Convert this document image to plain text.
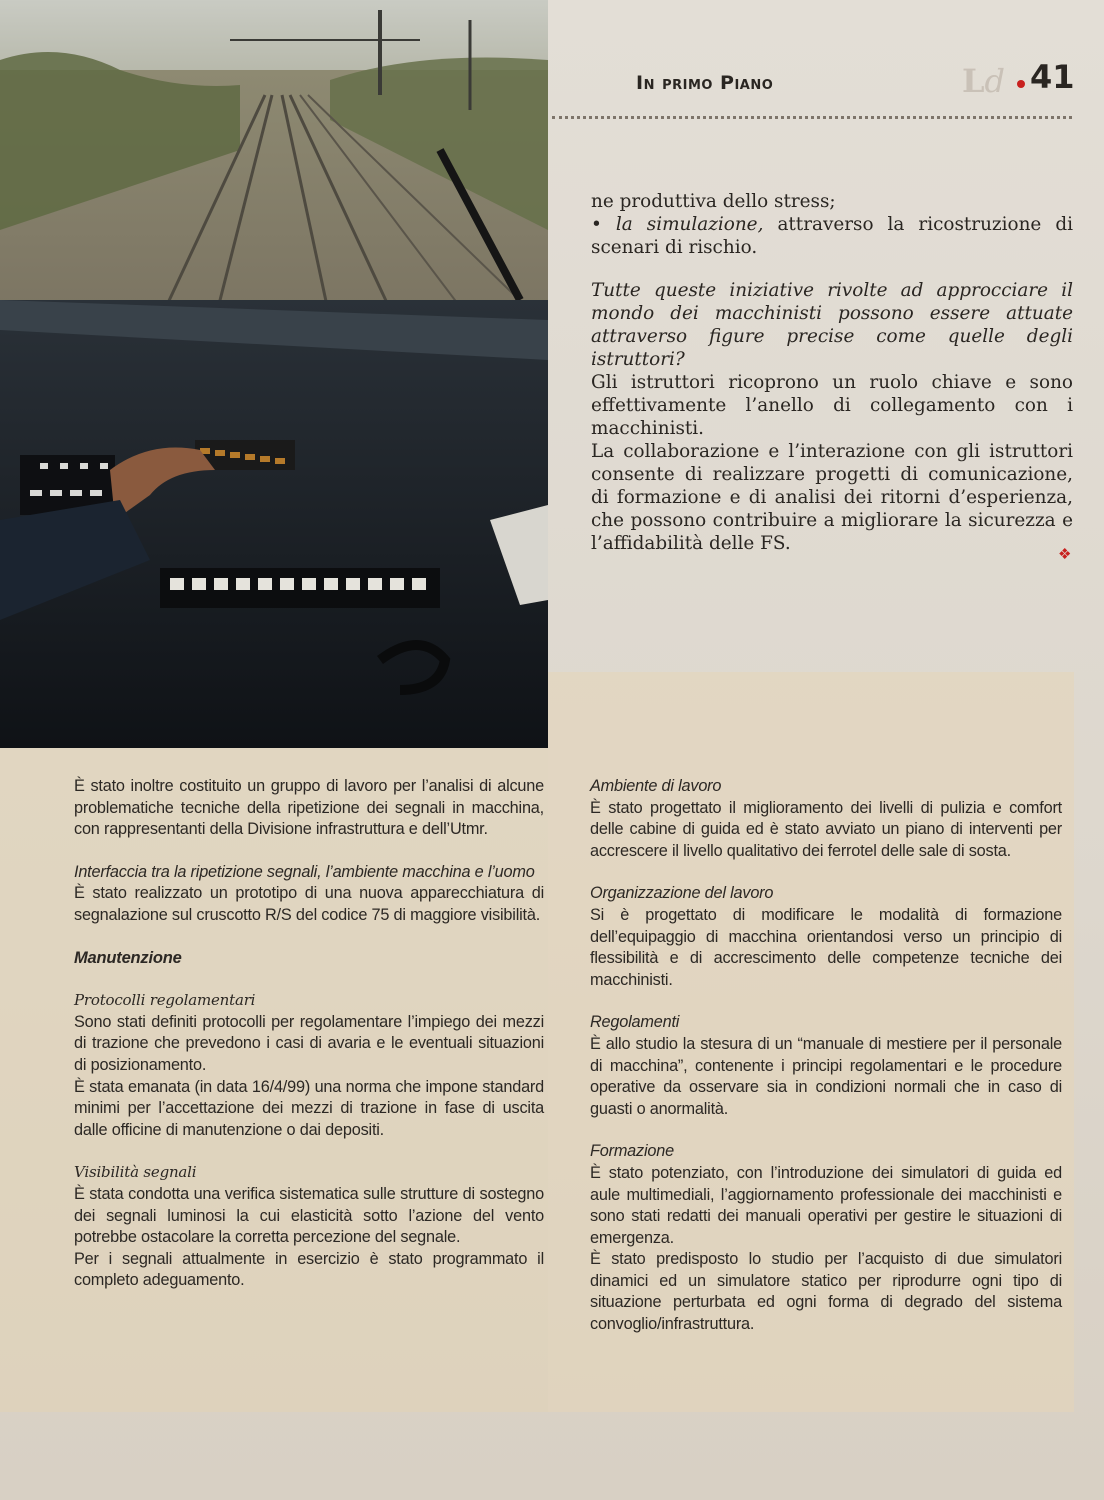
In primo Piano	Ld 41

ne produttiva dello stress;

• la simulazione, attraverso la ricostruzione di scenari di rischio.

Tutte queste iniziative rivolte ad approcciare il mondo dei macchinisti possono essere attuate attraverso figure precise come quelle degli istruttori?

Gli istruttori ricoprono un ruolo chiave e sono effettivamente l’anello di collegamento con i macchinisti.

La collaborazione e l’interazione con gli istruttori consente di realizzare progetti di comunicazione, di formazione e di analisi dei ritorni d’esperienza, che possono contribuire a migliorare la sicurezza e l’affidabilità delle FS.	❖

È stato inoltre costituito un gruppo di lavoro per l’analisi di alcune problematiche tecniche della ripetizione dei segnali in macchina, con rappresentanti della Divisione infrastruttura e dell’Utmr.

Interfaccia tra la ripetizione segnali, l’ambiente macchina e l’uomo

È stato realizzato un prototipo di una nuova apparecchiatura di segnalazione sul cruscotto R/S del codice 75 di maggiore visibilità.

Manutenzione

Protocolli regolamentari

Sono stati definiti protocolli per regolamentare l’impiego dei mezzi di trazione che prevedono i casi di avaria e le eventuali situazioni di posizionamento.

È stata emanata (in data 16/4/99) una norma che impone standard minimi per l’accettazione dei mezzi di trazione in fase di uscita dalle officine di manutenzione o dai depositi.

Visibilità segnali

È stata condotta una verifica sistematica sulle strutture di sostegno dei segnali luminosi la cui elasticità sotto l’azione del vento potrebbe ostacolare la corretta percezione del segnale.

Per i segnali attualmente in esercizio è stato programmato il completo adeguamento.

Ambiente di lavoro

È stato progettato il miglioramento dei livelli di pulizia e comfort delle cabine di guida ed è stato avviato un piano di interventi per accrescere il livello qualitativo dei ferrotel delle sale di sosta.

Organizzazione del lavoro

Si è progettato di modificare le modalità di formazione dell’equipaggio di macchina orientandosi verso un principio di flessibilità e di accrescimento delle competenze tecniche dei macchinisti.

Regolamenti

È allo studio la stesura di un “manuale di mestiere per il personale di macchina”, contenente i principi regolamentari e le procedure operative da osservare sia in condizioni normali che in caso di guasti o anormalità.

Formazione

È stato potenziato, con l’introduzione dei simulatori di guida ed aule multimediali, l’aggiornamento professionale dei macchinisti e sono stati redatti dei manuali operativi per gestire le situazioni di emergenza.

È stato predisposto lo studio per l’acquisto di due simulatori dinamici ed un simulatore statico per riprodurre ogni tipo di situazione perturbata ed ogni forma di degrado del sistema convoglio/infrastruttura.
